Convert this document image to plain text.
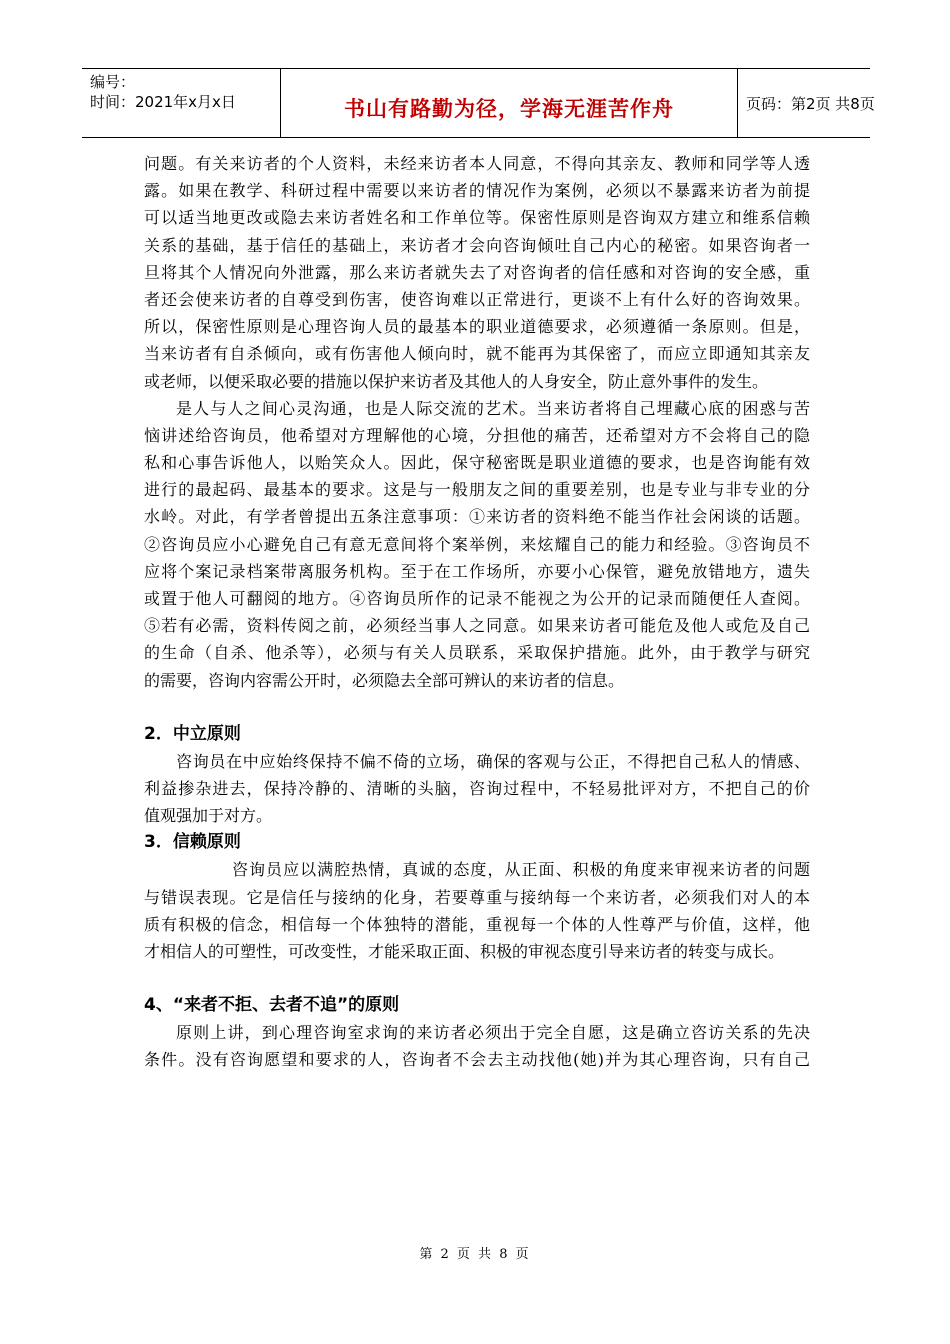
编号：
时间：2021年x月x日	书山有路勤为径，学海无涯苦作舟	页码：第2页 共8页
问题。有关来访者的个人资料，未经来访者本人同意，不得向其亲友、教师和同学等人透
露。如果在教学、科研过程中需要以来访者的情况作为案例，必须以不暴露来访者为前提
可以适当地更改或隐去来访者姓名和工作单位等。保密性原则是咨询双方建立和维系信赖
关系的基础，基于信任的基础上，来访者才会向咨询倾吐自己内心的秘密。如果咨询者一
旦将其个人情况向外泄露，那么来访者就失去了对咨询者的信任感和对咨询的安全感，重
者还会使来访者的自尊受到伤害，使咨询难以正常进行，更谈不上有什么好的咨询效果。
所以，保密性原则是心理咨询人员的最基本的职业道德要求，必须遵循一条原则。但是，
当来访者有自杀倾向，或有伤害他人倾向时，就不能再为其保密了，而应立即通知其亲友
或老师，以便采取必要的措施以保护来访者及其他人的人身安全，防止意外事件的发生。
是人与人之间心灵沟通，也是人际交流的艺术。当来访者将自己埋藏心底的困惑与苦
恼讲述给咨询员，他希望对方理解他的心境，分担他的痛苦，还希望对方不会将自己的隐
私和心事告诉他人，以贻笑众人。因此，保守秘密既是职业道德的要求，也是咨询能有效
进行的最起码、最基本的要求。这是与一般朋友之间的重要差别，也是专业与非专业的分
水岭。对此，有学者曾提出五条注意事项：①来访者的资料绝不能当作社会闲谈的话题。
②咨询员应小心避免自己有意无意间将个案举例，来炫耀自己的能力和经验。③咨询员不
应将个案记录档案带离服务机构。至于在工作场所，亦要小心保管，避免放错地方，遗失
或置于他人可翻阅的地方。④咨询员所作的记录不能视之为公开的记录而随便任人查阅。
⑤若有必需，资料传阅之前，必须经当事人之同意。如果来访者可能危及他人或危及自己
的生命（自杀、他杀等），必须与有关人员联系，采取保护措施。此外，由于教学与研究
的需要，咨询内容需公开时，必须隐去全部可辨认的来访者的信息。
2．中立原则
咨询员在中应始终保持不偏不倚的立场，确保的客观与公正，不得把自己私人的情感、
利益掺杂进去，保持冷静的、清晰的头脑，咨询过程中，不轻易批评对方，不把自己的价
值观强加于对方。
3．信赖原则
咨询员应以满腔热情，真诚的态度，从正面、积极的角度来审视来访者的问题
与错误表现。它是信任与接纳的化身，若要尊重与接纳每一个来访者，必须我们对人的本
质有积极的信念，相信每一个体独特的潜能，重视每一个体的人性尊严与价值，这样，他
才相信人的可塑性，可改变性，才能采取正面、积极的审视态度引导来访者的转变与成长。
4、“来者不拒、去者不追”的原则
原则上讲，到心理咨询室求询的来访者必须出于完全自愿，这是确立咨访关系的先决
条件。没有咨询愿望和要求的人，咨询者不会去主动找他(她)并为其心理咨询，只有自己
第 2 页 共 8 页
